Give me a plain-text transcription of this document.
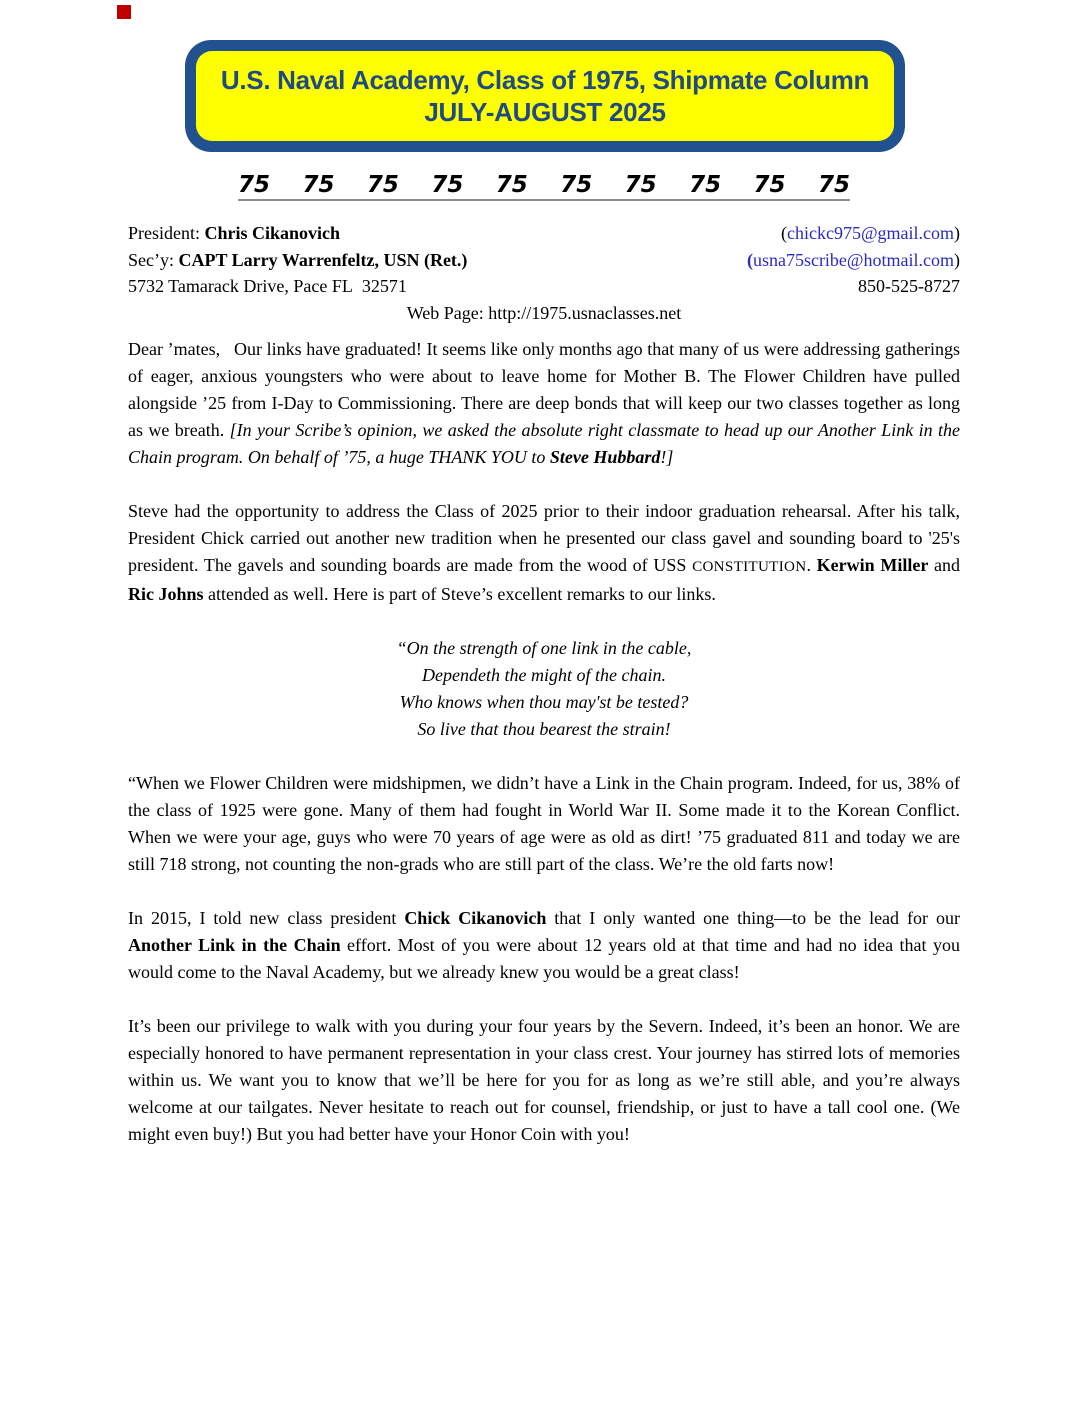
U.S. Naval Academy, Class of 1975, Shipmate Column
JULY-AUGUST 2025
75 75 75 75 75 75 75 75 75 75
President: Chris Cikanovich	(chickc975@gmail.com)
Sec’y: CAPT Larry Warrenfeltz, USN (Ret.)	(usna75scribe@hotmail.com)
5732 Tamarack Drive, Pace FL  32571	850-525-8727
Web Page: http://1975.usnaclasses.net

Dear ’mates,   Our links have graduated! It seems like only months ago that many of us were addressing gatherings of eager, anxious youngsters who were about to leave home for Mother B. The Flower Children have pulled alongside ’25 from I-Day to Commissioning. There are deep bonds that will keep our two classes together as long as we breath. [In your Scribe’s opinion, we asked the absolute right classmate to head up our Another Link in the Chain program. On behalf of ’75, a huge THANK YOU to Steve Hubbard!]

Steve had the opportunity to address the Class of 2025 prior to their indoor graduation rehearsal. After his talk, President Chick carried out another new tradition when he presented our class gavel and sounding board to '25's president. The gavels and sounding boards are made from the wood of USS CONSTITUTION. Kerwin Miller and Ric Johns attended as well. Here is part of Steve’s excellent remarks to our links.

“On the strength of one link in the cable,
Dependeth the might of the chain.
Who knows when thou may'st be tested?
So live that thou bearest the strain!

“When we Flower Children were midshipmen, we didn’t have a Link in the Chain program. Indeed, for us, 38% of the class of 1925 were gone. Many of them had fought in World War II. Some made it to the Korean Conflict. When we were your age, guys who were 70 years of age were as old as dirt! ’75 graduated 811 and today we are still 718 strong, not counting the non-grads who are still part of the class. We’re the old farts now!

In 2015, I told new class president Chick Cikanovich that I only wanted one thing—to be the lead for our Another Link in the Chain effort. Most of you were about 12 years old at that time and had no idea that you would come to the Naval Academy, but we already knew you would be a great class!

It’s been our privilege to walk with you during your four years by the Severn. Indeed, it’s been an honor. We are especially honored to have permanent representation in your class crest. Your journey has stirred lots of memories within us. We want you to know that we’ll be here for you for as long as we’re still able, and you’re always welcome at our tailgates. Never hesitate to reach out for counsel, friendship, or just to have a tall cool one. (We might even buy!) But you had better have your Honor Coin with you!
